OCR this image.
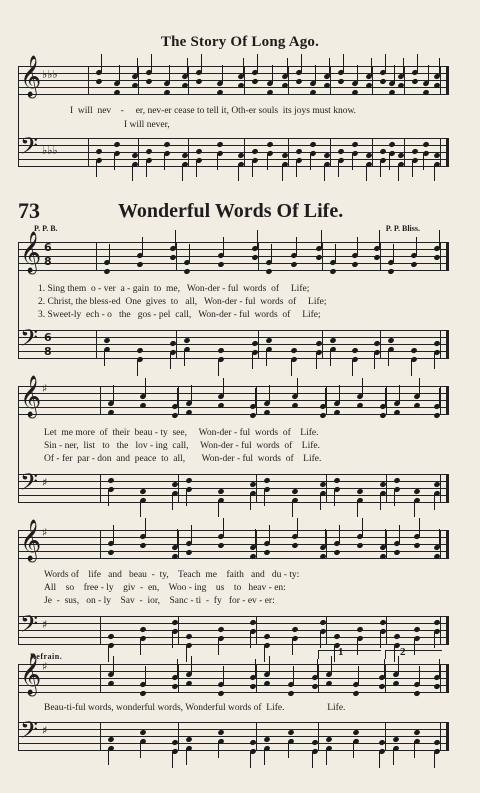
The Story Of Long Ago.
𝄞 ♭♭♭
I  will  nev    -     er, nev-er cease to tell it, Oth-er souls  its joys must know.
I will never,
𝄢 ♭♭♭
73	Wonderful Words Of Life.
P. P. B.	P. P. Bliss.
𝄞 6
8
1. Sing them  o - ver  a - gain  to  me,   Won-der - ful  words  of     Life;
2. Christ, the bless-ed  One  gives  to   all,   Won-der - ful  words  of     Life;
3. Sweet-ly  ech - o   the   gos - pel  call,   Won-der - ful  words  of     Life;
𝄢 6
8
𝄞 ♯
Let  me more  of  their  beau - ty  see,     Won-der - ful  words  of    Life.
Sin - ner,  list   to   the   lov - ing  call,     Won-der - ful  words  of    Life.
Of - fer  par - don  and  peace  to  all,       Won-der - ful  words  of    Life.
𝄢 ♯
𝄞 ♯
Words of    life   and   beau  -  ty,    Teach  me    faith   and   du - ty:
All    so    free - ly    giv  -  en,    Woo - ing    us    to   heav - en:
Je  -  sus,   on - ly    Sav  -  ior,    Sanc - ti  -  fy   for - ev - er:
𝄢 ♯
Refrain.	1	2
𝄞 ♯
Beau-ti-ful words, wonderful words, Wonderful words of  Life.                  Life.
𝄢 ♯
